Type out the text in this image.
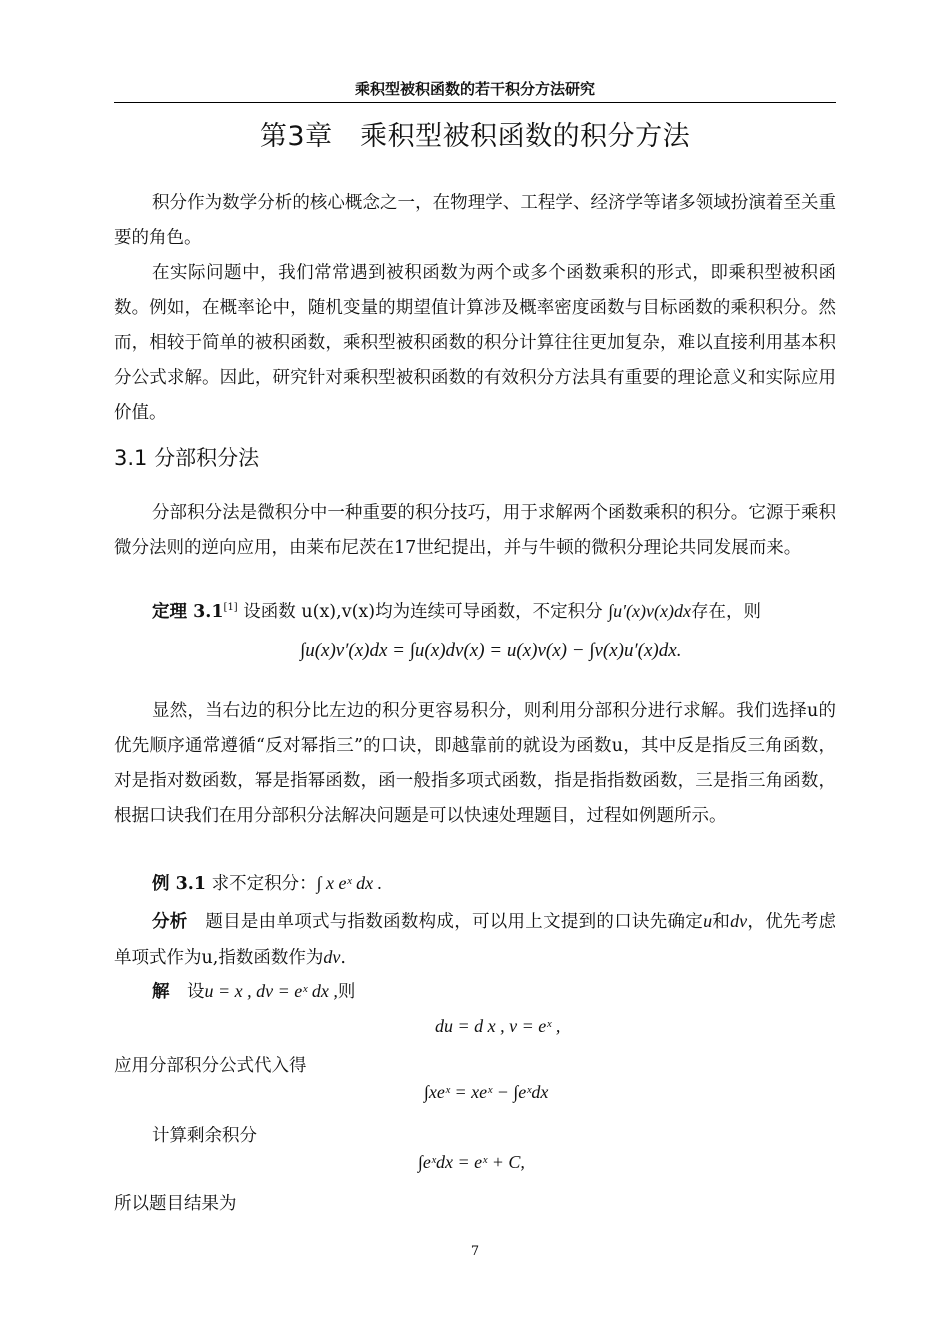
乘积型被积函数的若干积分方法研究
第3章　乘积型被积函数的积分方法

积分作为数学分析的核心概念之一，在物理学、工程学、经济学等诸多领域扮演着至关重要的角色。

在实际问题中，我们常常遇到被积函数为两个或多个函数乘积的形式，即乘积型被积函数。例如，在概率论中，随机变量的期望值计算涉及概率密度函数与目标函数的乘积积分。然而，相较于简单的被积函数，乘积型被积函数的积分计算往往更加复杂，难以直接利用基本积分公式求解。因此，研究针对乘积型被积函数的有效积分方法具有重要的理论意义和实际应用价值。

3.1 分部积分法

分部积分法是微积分中一种重要的积分技巧，用于求解两个函数乘积的积分。它源于乘积微分法则的逆向应用，由莱布尼茨在17世纪提出，并与牛顿的微积分理论共同发展而来。

定理 3.1[1] 设函数 u(x),v(x)均为连续可导函数，不定积分 ∫u′(x)v(x)dx存在，则
∫u(x)v′(x)dx = ∫u(x)dv(x) = u(x)v(x) − ∫v(x)u′(x)dx.

显然，当右边的积分比左边的积分更容易积分，则利用分部积分进行求解。我们选择u的优先顺序通常遵循“反对幂指三”的口诀，即越靠前的就设为函数u，其中反是指反三角函数，对是指对数函数，幂是指幂函数，函一般指多项式函数，指是指指数函数，三是指三角函数，根据口诀我们在用分部积分法解决问题是可以快速处理题目，过程如例题所示。

例 3.1 求不定积分：∫ x eˣ dx .

分析　题目是由单项式与指数函数构成，可以用上文提到的口诀先确定u和dv，优先考虑单项式作为u,指数函数作为dv.

解　设u = x , dv = eˣ dx ,则
du = d x , v = eˣ ,
应用分部积分公式代入得
∫xeˣ = xeˣ − ∫eˣdx
计算剩余积分
∫eˣdx = eˣ + C,
所以题目结果为
7
